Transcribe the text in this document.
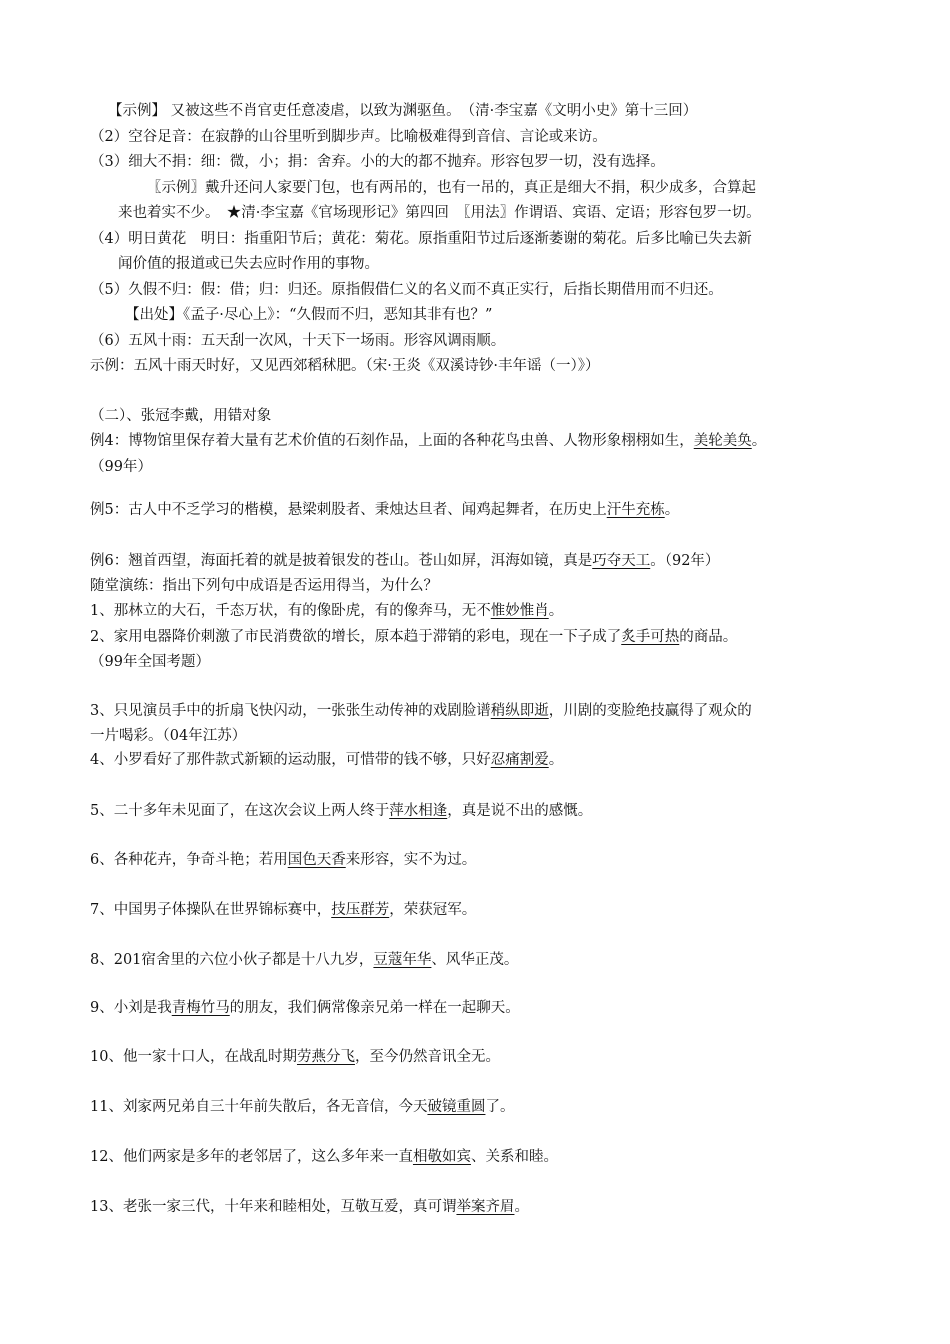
【示例】 又被这些不肖官吏任意凌虐，以致为渊驱鱼。　（清·李宝嘉《文明小史》第十三回）
（2）空谷足音：在寂静的山谷里听到脚步声。比喻极难得到音信、言论或来访。
（3）细大不捐：细：微，小；捐：舍弃。小的大的都不抛弃。形容包罗一切，没有选择。
〖示例〗戴升还问人家要门包，也有两吊的，也有一吊的，真正是细大不捐，积少成多，合算起
来也着实不少。　★清·李宝嘉《官场现形记》第四回　〖用法〗作谓语、宾语、定语；形容包罗一切。
（4）明日黄花　明日：指重阳节后；黄花：菊花。原指重阳节过后逐渐萎谢的菊花。后多比喻已失去新
闻价值的报道或已失去应时作用的事物。
（5）久假不归：假：借；归：归还。原指假借仁义的名义而不真正实行，后指长期借用而不归还。
【出处】《孟子·尽心上》：“久假而不归，恶知其非有也？”
（6）五风十雨：五天刮一次风，十天下一场雨。形容风调雨顺。
示例：五风十雨天时好，又见西郊稻秫肥。（宋·王炎《双溪诗钞·丰年谣（一）》）
（二）、张冠李戴，用错对象
例4：博物馆里保存着大量有艺术价值的石刻作品，上面的各种花鸟虫兽、人物形象栩栩如生，美轮美奂。
（99年）
例5：古人中不乏学习的楷模，悬梁刺股者、秉烛达旦者、闻鸡起舞者，在历史上汗牛充栋。
例6：翘首西望，海面托着的就是披着银发的苍山。苍山如屏，洱海如镜，真是巧夺天工。（92年）
随堂演练：指出下列句中成语是否运用得当，为什么？
1、那林立的大石，千态万状，有的像卧虎，有的像奔马，无不惟妙惟肖。
2、家用电器降价刺激了市民消费欲的增长，原本趋于滞销的彩电，现在一下子成了炙手可热的商品。
（99年全国考题）
3、只见演员手中的折扇飞快闪动，一张张生动传神的戏剧脸谱稍纵即逝，川剧的变脸绝技赢得了观众的
一片喝彩。（04年江苏）
4、小罗看好了那件款式新颖的运动服，可惜带的钱不够，只好忍痛割爱。
5、二十多年未见面了，在这次会议上两人终于萍水相逢，真是说不出的感慨。
6、各种花卉，争奇斗艳；若用国色天香来形容，实不为过。
7、中国男子体操队在世界锦标赛中，技压群芳，荣获冠军。
8、201宿舍里的六位小伙子都是十八九岁，豆蔻年华、风华正茂。
9、小刘是我青梅竹马的朋友，我们俩常像亲兄弟一样在一起聊天。
10、他一家十口人，在战乱时期劳燕分飞，至今仍然音讯全无。
11、刘家两兄弟自三十年前失散后，各无音信，今天破镜重圆了。
12、他们两家是多年的老邻居了，这么多年来一直相敬如宾、关系和睦。
13、老张一家三代，十年来和睦相处，互敬互爱，真可谓举案齐眉。
